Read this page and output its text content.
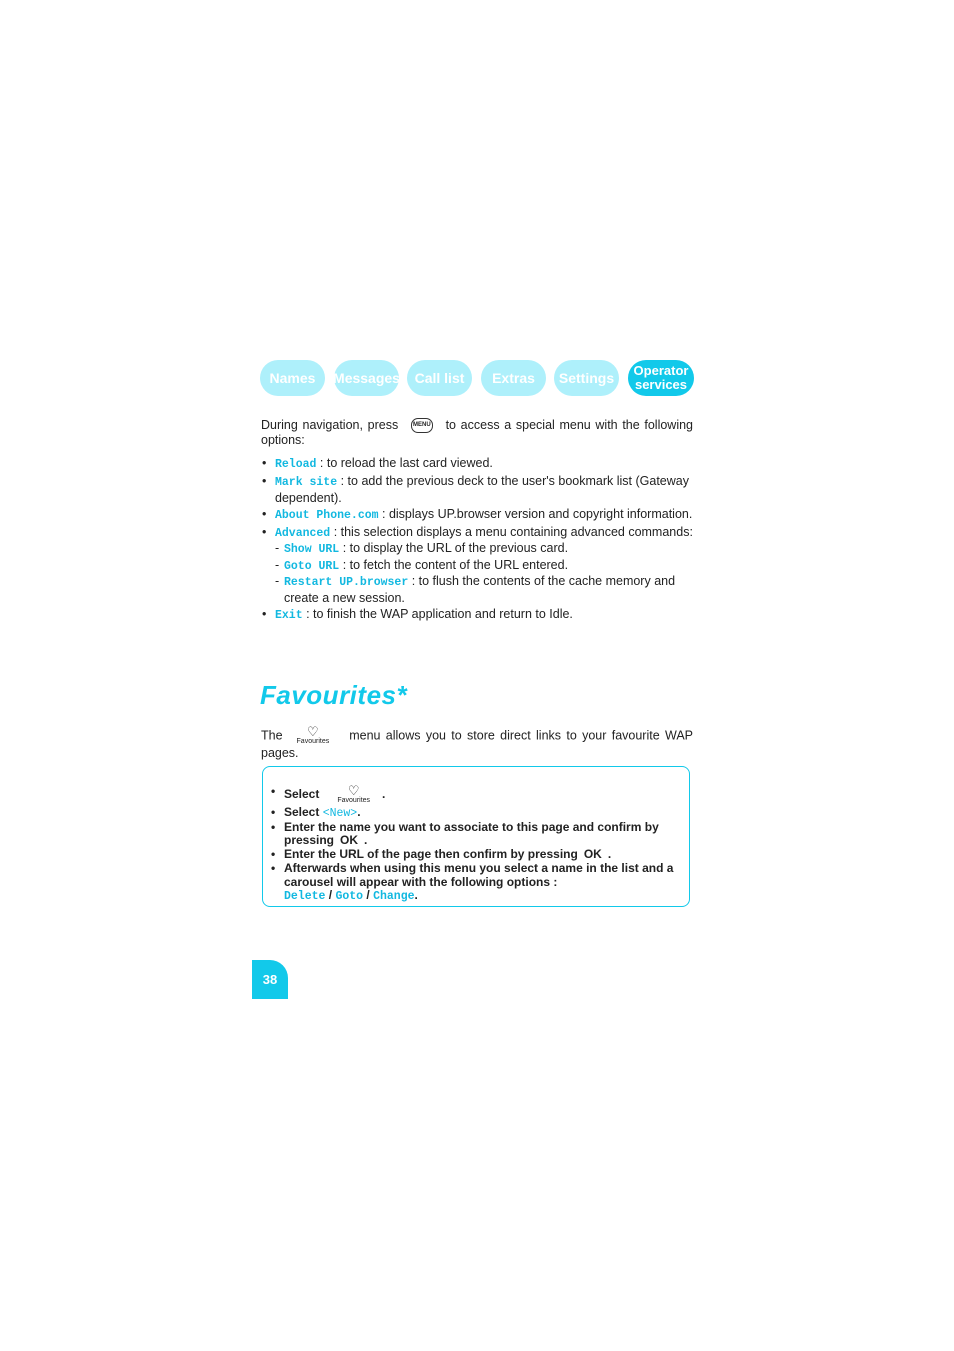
Names Messages Call list Extras Settings Operator
services
During navigation, press MENU to access a special menu with the following options:
• Reload : to reload the last card viewed.
• Mark site : to add the previous deck to the user's bookmark list (Gateway dependent).
• About Phone.com : displays UP.browser version and copyright information.
• Advanced : this selection displays a menu containing advanced commands:
- Show URL : to display the URL of the previous card.
- Goto URL : to fetch the content of the URL entered.
- Restart UP.browser : to flush the contents of the cache memory and create a new session.
• Exit : to finish the WAP application and return to Idle.
Favourites*
The	♡
Favourites menu allows you to store direct links to your favourite WAP pages.
• Select	♡
Favourites .
• Select <New>.
• Enter the name you want to associate to this page and confirm by pressing OK .
• Enter the URL of the page then confirm by pressing OK .
• Afterwards when using this menu you select a name in the list and a carousel will appear with the following options :
Delete / Goto / Change.
38
